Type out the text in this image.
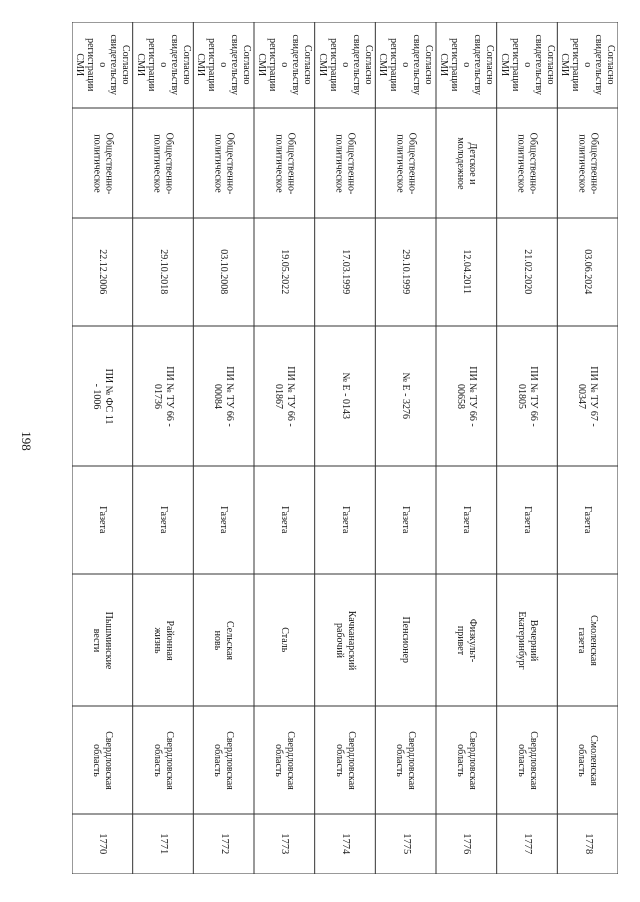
198
1770
Свердловская область
Пышминские вести
Газета
ПИ № ФС 11 - 1006
22.12.2006
Общественно-политическое
Согласно свидетельству о регистрации СМИ
1771
Свердловская область
Районная жизнь
Газета
ПИ № ТУ 66 - 01736
29.10.2018
Общественно-политическое
Согласно свидетельству о регистрации СМИ
1772
Свердловская область
Сельская новь
Газета
ПИ № ТУ 66 - 00084
03.10.2008
Общественно-политическое
Согласно свидетельству о регистрации СМИ
1773
Свердловская область
Сталь
Газета
ПИ № ТУ 66 - 01867
19.05.2022
Общественно-политическое
Согласно свидетельству о регистрации СМИ
1774
Свердловская область
Качканарский рабочий
Газета
№ Е - 0143
17.03.1999
Общественно-политическое
Согласно свидетельству о регистрации СМИ
1775
Свердловская область
Пенсионер
Газета
№ Е - 3276
29.10.1999
Общественно-политическое
Согласно свидетельству о регистрации СМИ
1776
Свердловская область
Физкульт-привет
Газета
ПИ № ТУ 66 - 00658
12.04.2011
Детское и молодежное
Согласно свидетельству о регистрации СМИ
1777
Свердловская область
Вечерний Екатеринбург
Газета
ПИ № ТУ 66 - 01805
21.02.2020
Общественно-политическое
Согласно свидетельству о регистрации СМИ
1778
Смоленская область
Смоленская газета
Газета
ПИ № ТУ 67 - 00347
03.06.2024
Общественно-политическое
Согласно свидетельству о регистрации СМИ
